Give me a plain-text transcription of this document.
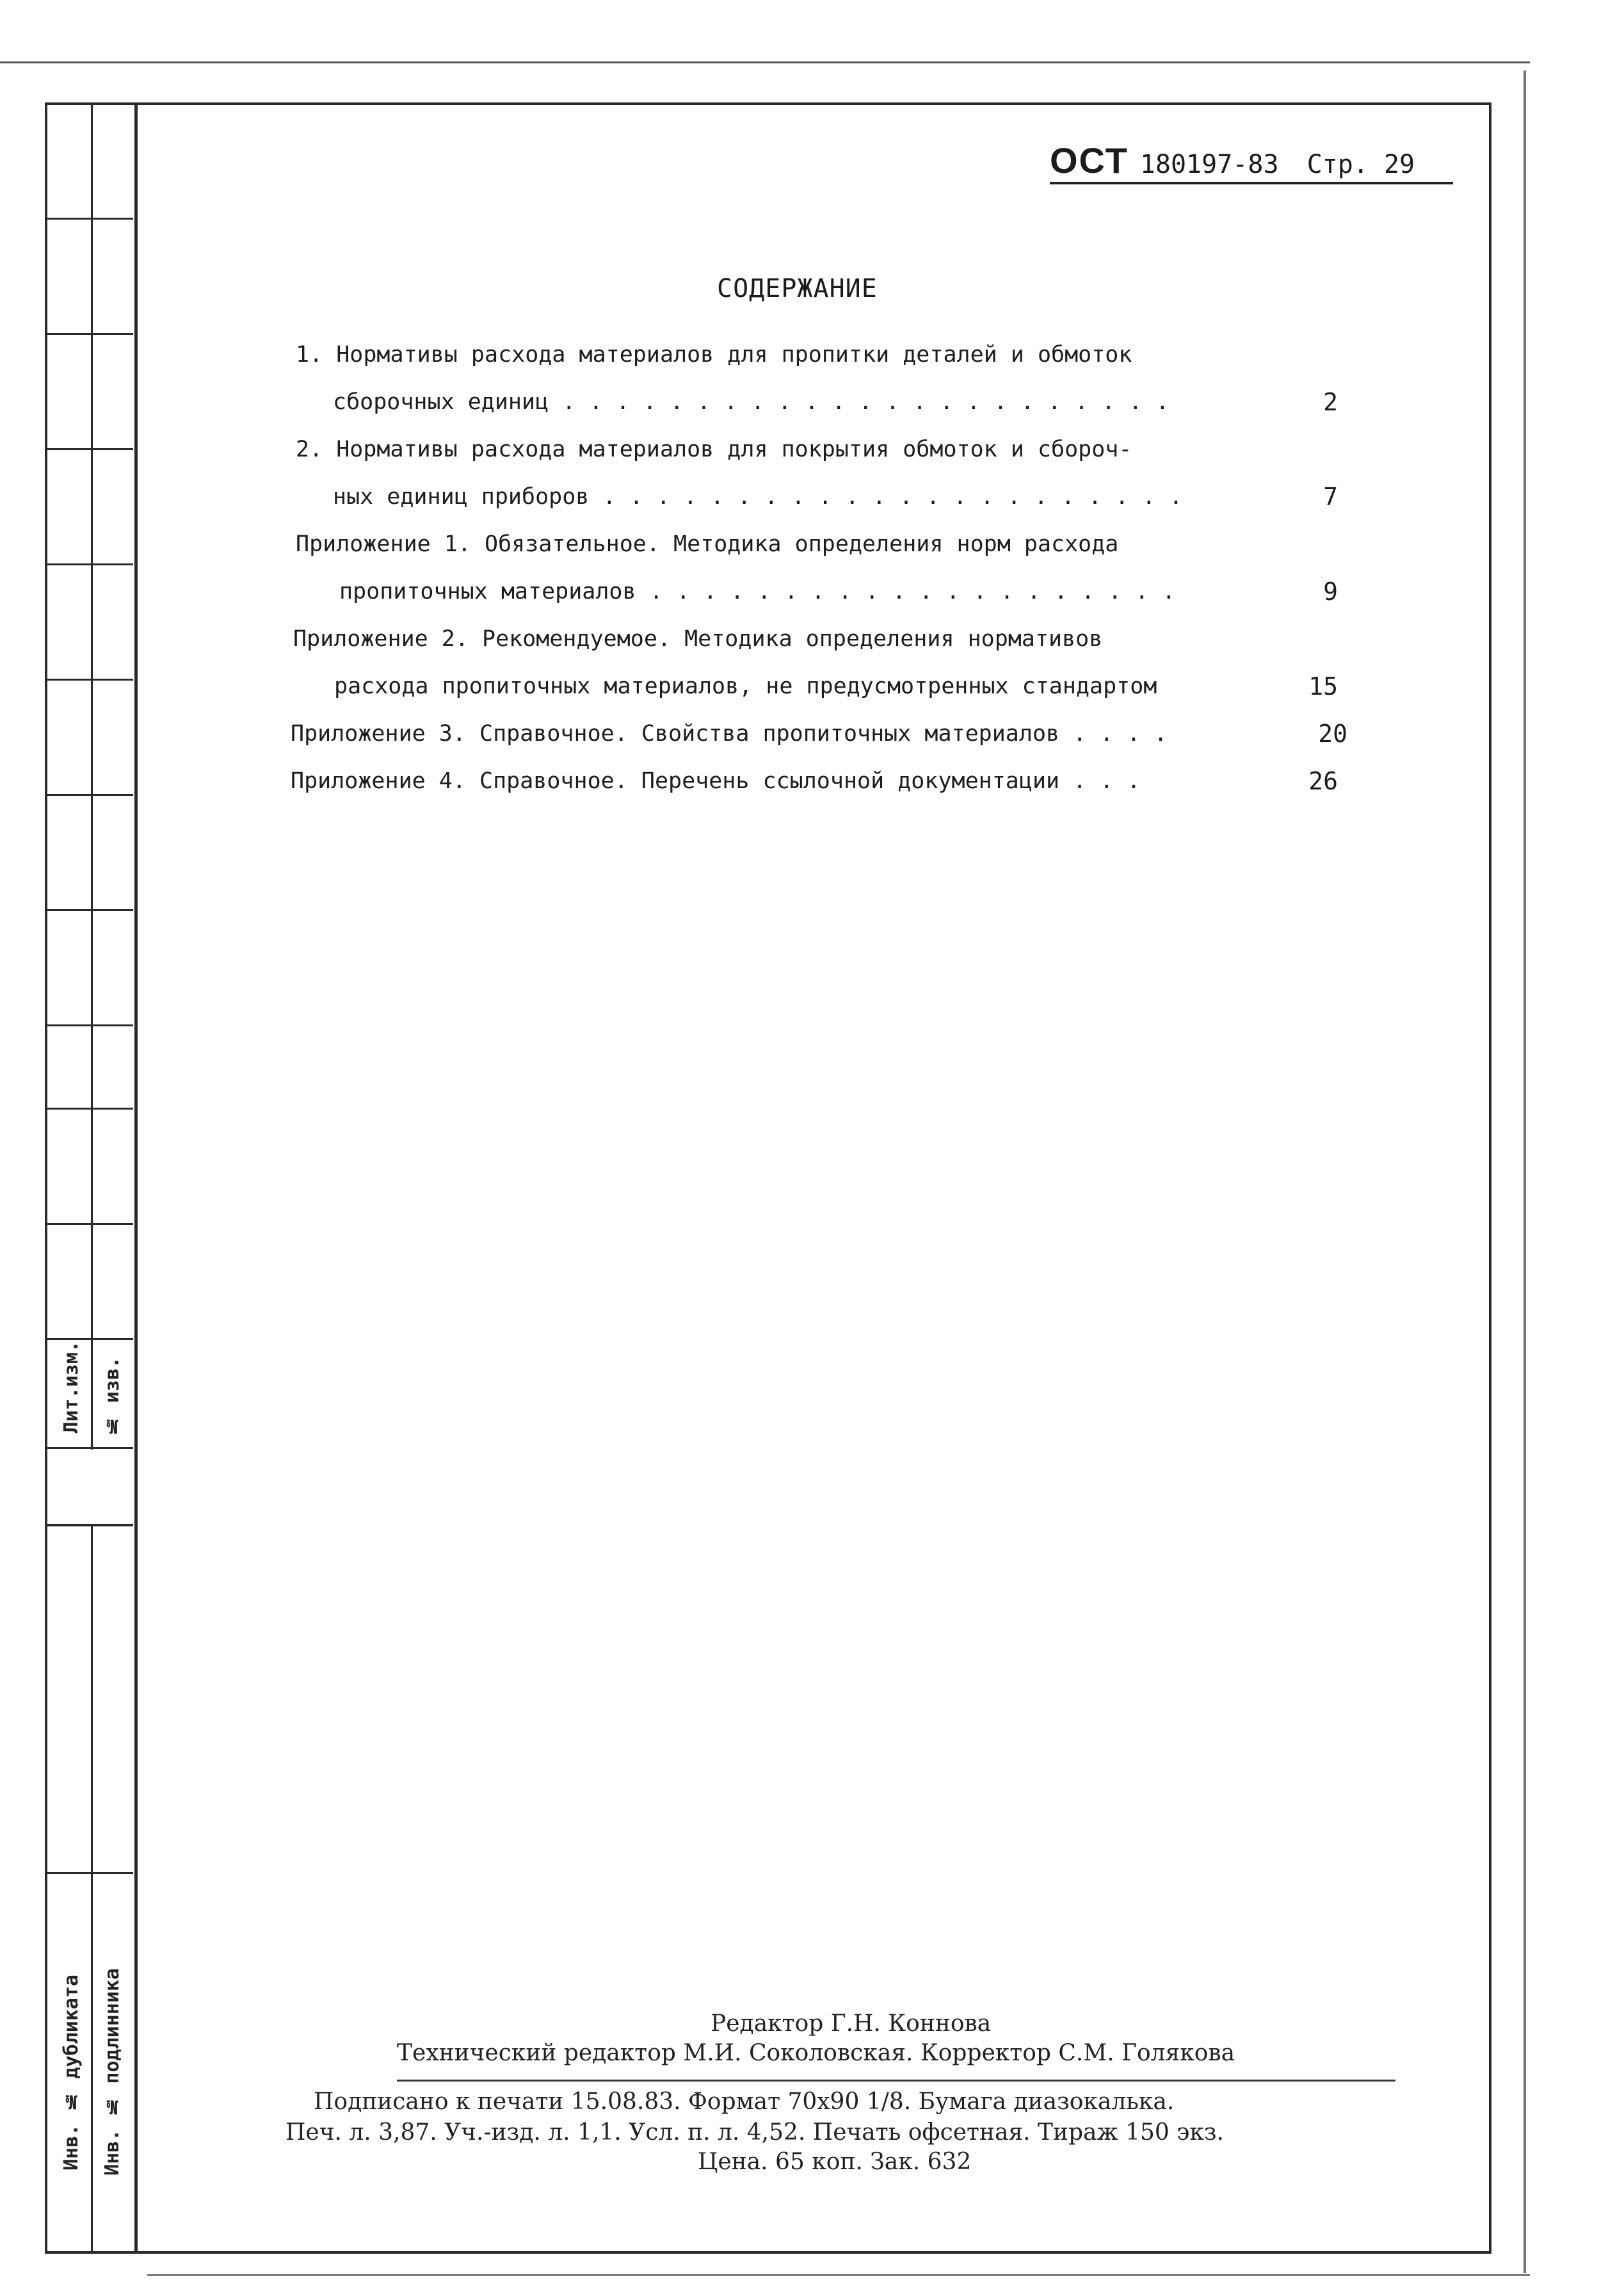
Лит.изм. № изв.
Инв. № дубликата Инв. № подлинника
ОСТ 180197-83 Стр. 29
СОДЕРЖАНИЕ
1. Нормативы расхода материалов для пропитки деталей и обмоток
сборочных единиц . . . . . . . . . . . . . . . . . . . . . . .	2
2. Нормативы расхода материалов для покрытия обмоток и сбороч-
ных единиц приборов . . . . . . . . . . . . . . . . . . . . . .	7
Приложение 1. Обязательное. Методика определения норм расхода
пропиточных материалов . . . . . . . . . . . . . . . . . . . .	9
Приложение 2. Рекомендуемое. Методика определения нормативов
расхода пропиточных материалов, не предусмотренных стандартом	15
Приложение 3. Справочное. Свойства пропиточных материалов . . . .	20
Приложение 4. Справочное. Перечень ссылочной документации . . .	26
Редактор Г.Н. Коннова
Технический редактор М.И. Соколовская. Корректор С.М. Голякова
Подписано к печати 15.08.83. Формат 70x90 1/8. Бумага диазокалька.
Печ. л. 3,87. Уч.-изд. л. 1,1. Усл. п. л. 4,52. Печать офсетная. Тираж 150 экз.
Цена. 65 коп. Зак. 632
